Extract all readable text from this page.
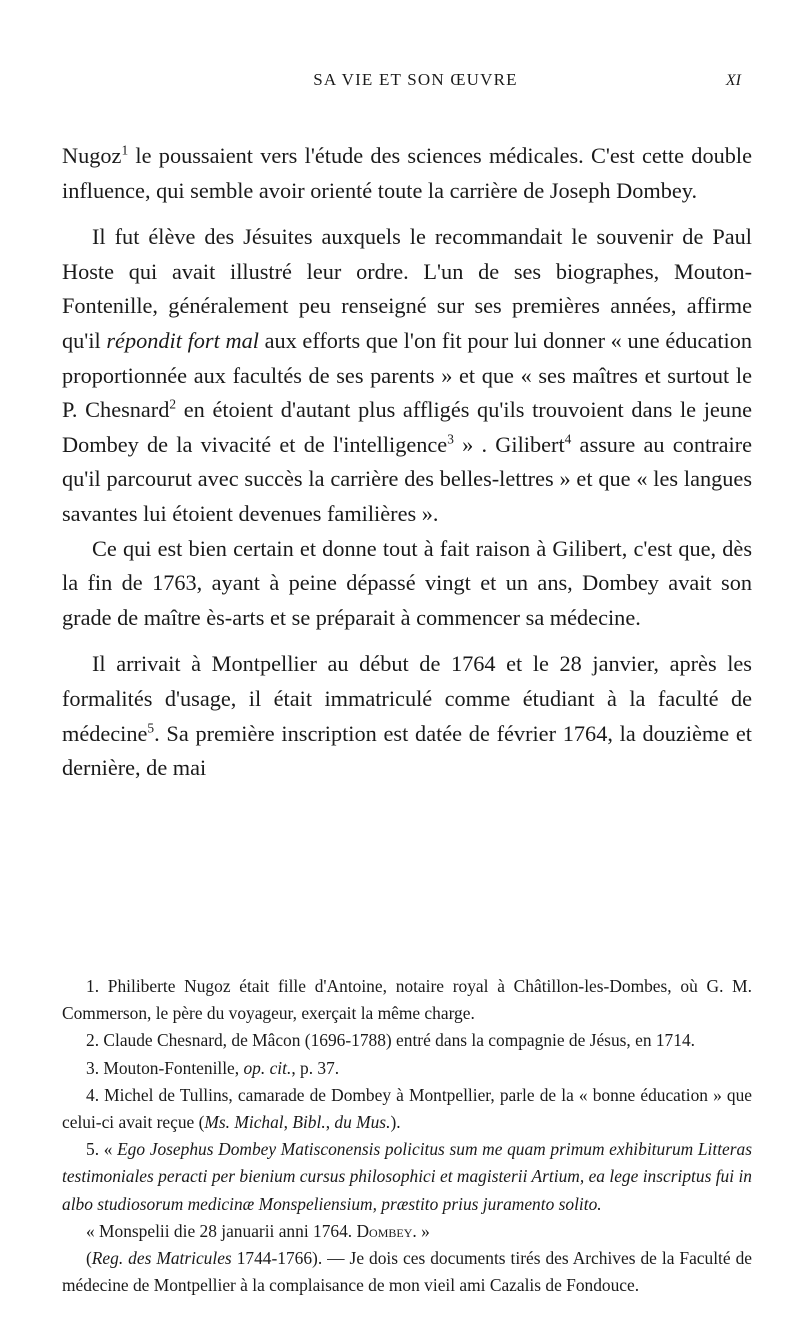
SA VIE ET SON ŒUVRE	XI

Nugoz$^1$ le poussaient vers l'étude des sciences médicales. C'est cette double influence, qui semble avoir orienté toute la carrière de Joseph Dombey.

Il fut élève des Jésuites auxquels le recommandait le souvenir de Paul Hoste qui avait illustré leur ordre. L'un de ses biographes, Mouton-Fontenille, généralement peu renseigné sur ses premières années, affirme qu'il répondit fort mal aux efforts que l'on fit pour lui donner « une éducation proportionnée aux facultés de ses parents » et que « ses maîtres et surtout le P. Chesnard$^2$ en étoient d'autant plus affligés qu'ils trouvoient dans le jeune Dombey de la vivacité et de l'intelligence$^3$ » . Gilibert$^4$ assure au contraire qu'il parcourut avec succès la carrière des belles-lettres » et que « les langues savantes lui étoient devenues familières ».

Ce qui est bien certain et donne tout à fait raison à Gilibert, c'est que, dès la fin de 1763, ayant à peine dépassé vingt et un ans, Dombey avait son grade de maître ès-arts et se préparait à commencer sa médecine.

Il arrivait à Montpellier au début de 1764 et le 28 janvier, après les formalités d'usage, il était immatriculé comme étudiant à la faculté de médecine$^5$. Sa première inscription est datée de février 1764, la douzième et dernière, de mai

1. Philiberte Nugoz était fille d'Antoine, notaire royal à Châtillon-les-Dombes, où G. M. Commerson, le père du voyageur, exerçait la même charge.

2. Claude Chesnard, de Mâcon (1696-1788) entré dans la compagnie de Jésus, en 1714.

3. Mouton-Fontenille, op. cit., p. 37.

4. Michel de Tullins, camarade de Dombey à Montpellier, parle de la « bonne éducation » que celui-ci avait reçue (Ms. Michal, Bibl., du Mus.).

5. « Ego Josephus Dombey Matisconensis policitus sum me quam primum exhibiturum Litteras testimoniales peracti per bienium cursus philosophici et magisterii Artium, ea lege inscriptus fui in albo studiosorum medicinæ Monspeliensium, præstito prius juramento solito.

« Monspelii die 28 januarii anni 1764. Dombey. »

(Reg. des Matricules 1744-1766). — Je dois ces documents tirés des Archives de la Faculté de médecine de Montpellier à la complaisance de mon vieil ami Cazalis de Fondouce.
